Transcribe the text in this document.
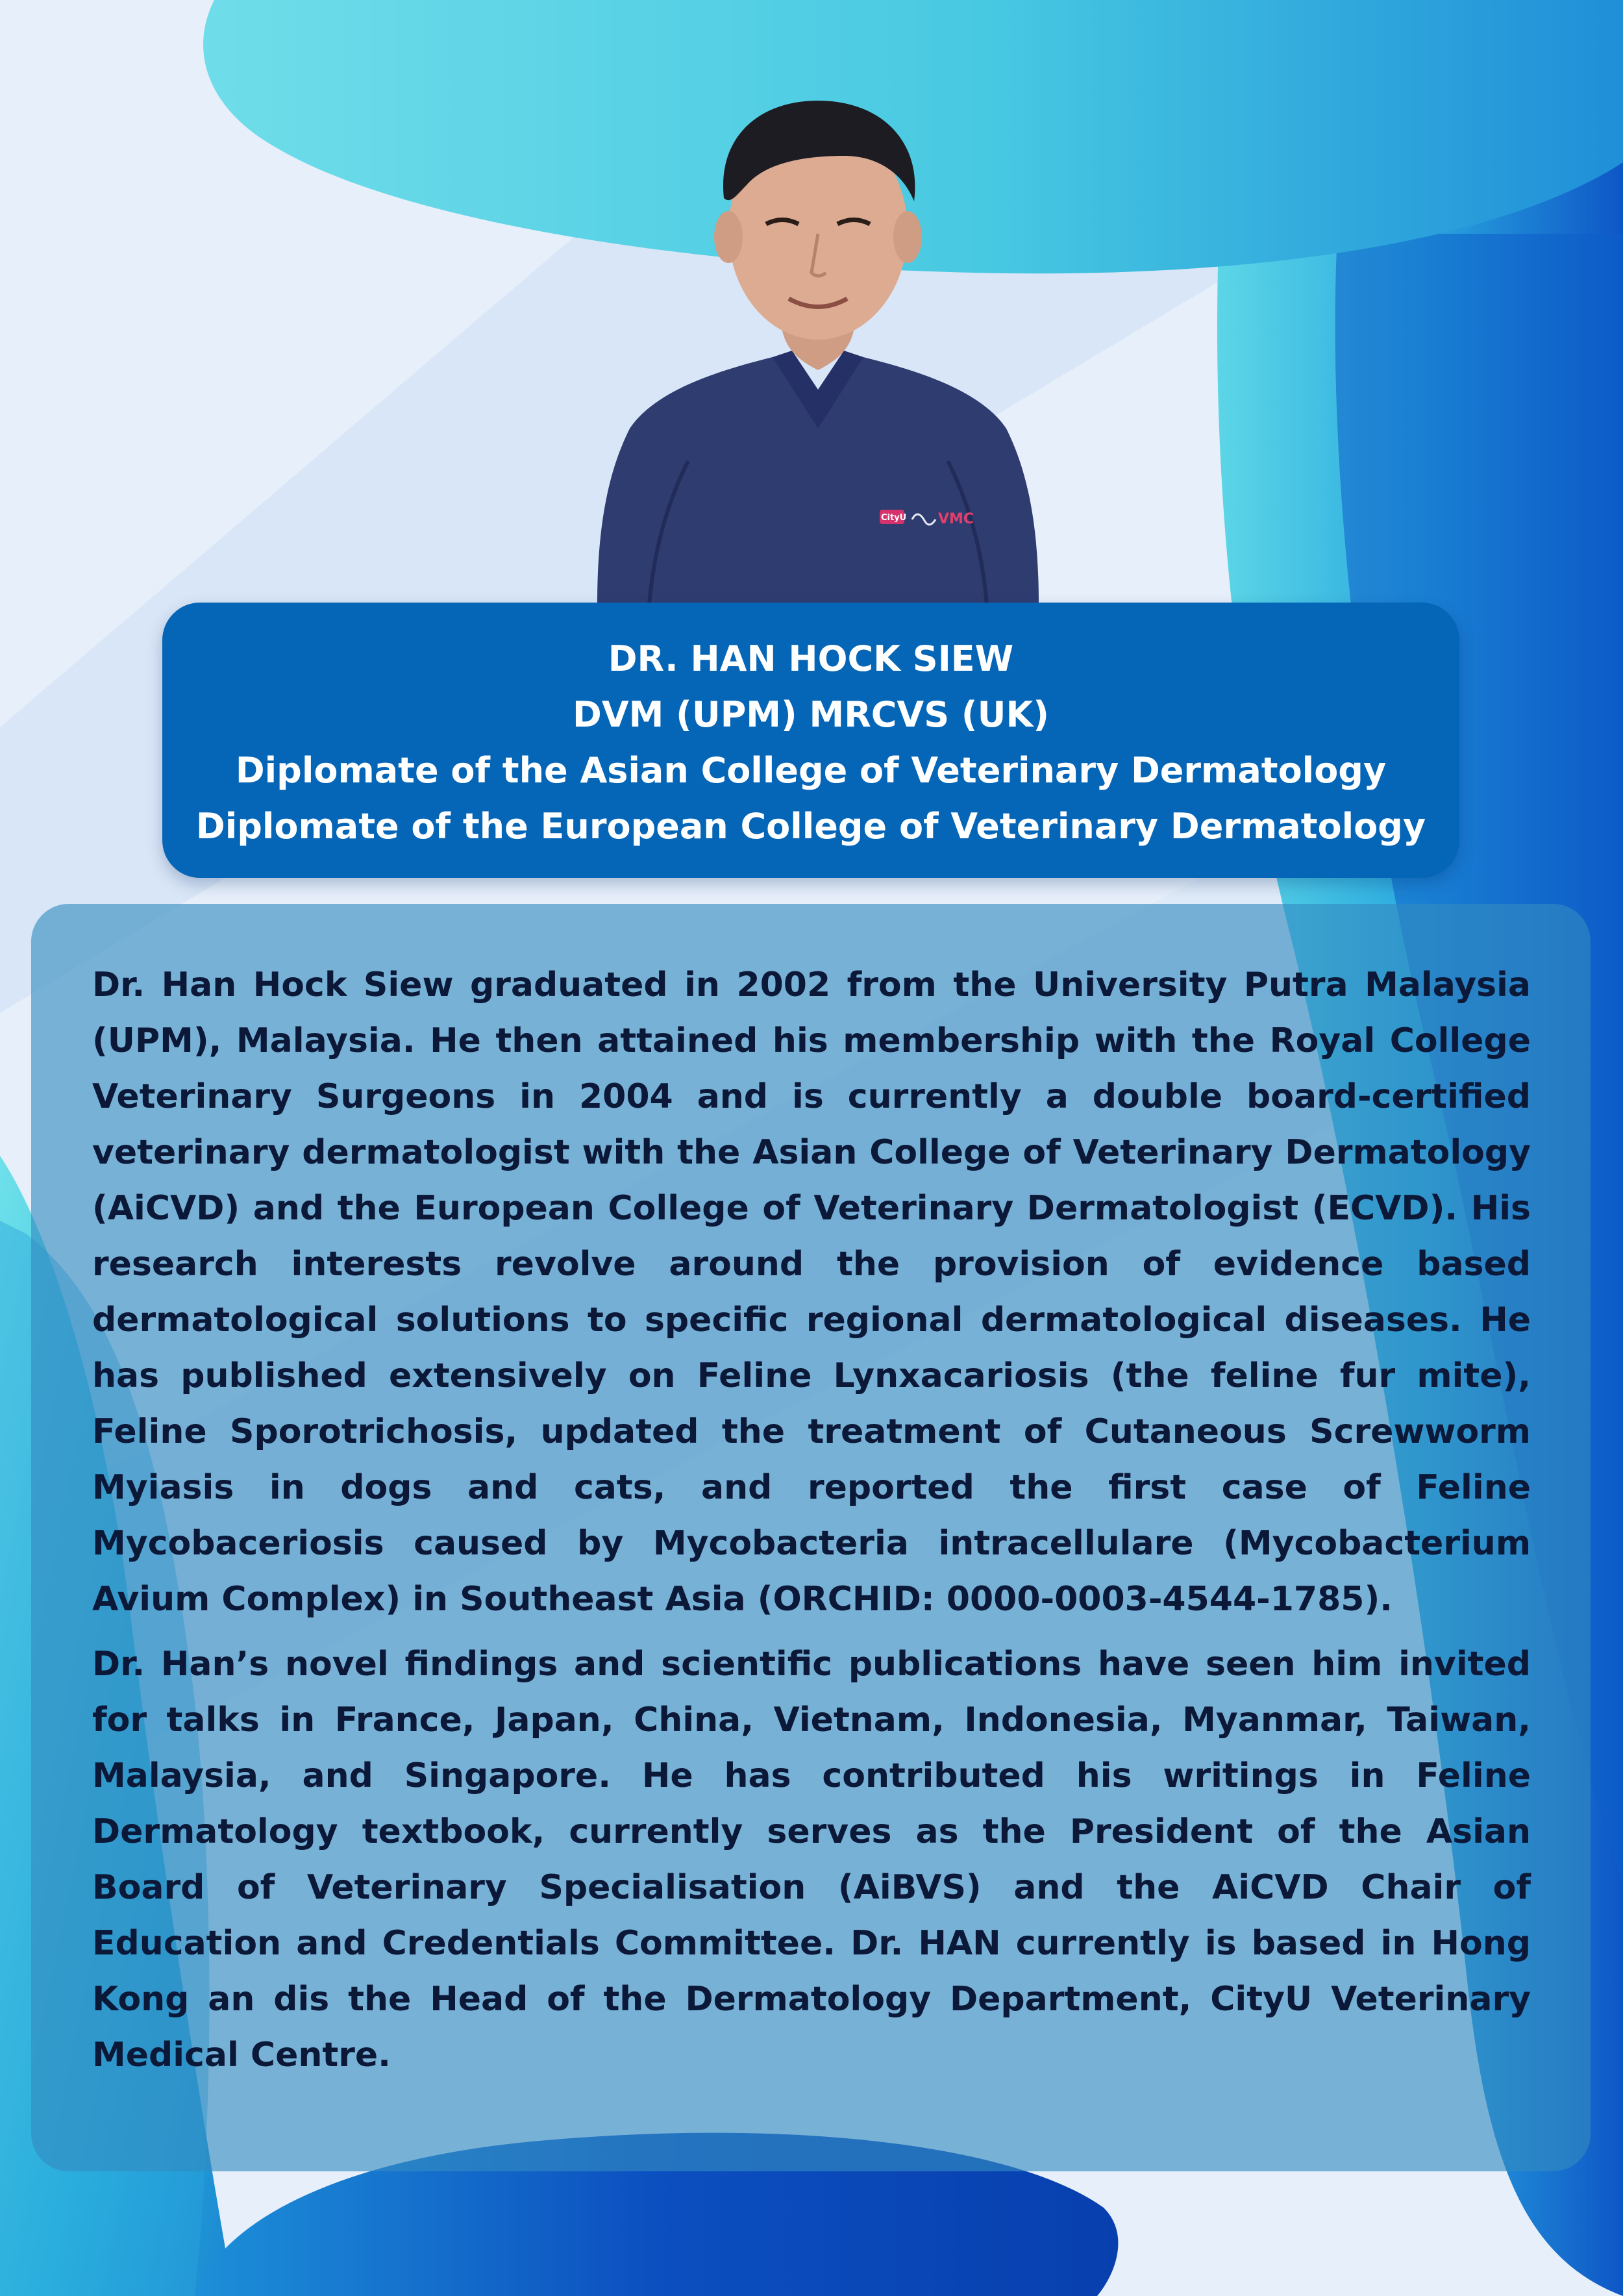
CityU VMC
DR. HAN HOCK SIEW
DVM (UPM) MRCVS (UK)
Diplomate of the Asian College of Veterinary Dermatology
Diplomate of the European College of Veterinary Dermatology

Dr. Han Hock Siew graduated in 2002 from the University Putra Malaysia (UPM), Malaysia. He then attained his membership with the Royal College Veterinary Surgeons in 2004 and is currently a double board-certified veterinary dermatologist with the Asian College of Veterinary Dermatology (AiCVD) and the European College of Veterinary Dermatologist (ECVD). His research interests revolve around the provision of evidence based dermatological solutions to specific regional dermatological diseases. He has published extensively on Feline Lynxacariosis (the feline fur mite), Feline Sporotrichosis, updated the treatment of Cutaneous Screwworm Myiasis in dogs and cats, and reported the first case of Feline Mycobaceriosis caused by Mycobacteria intracellulare (Mycobacterium Avium Complex) in Southeast Asia (ORCHID: 0000-0003-4544-1785).

Dr. Han’s novel findings and scientific publications have seen him invited for talks in France, Japan, China, Vietnam, Indonesia, Myanmar, Taiwan, Malaysia, and Singapore. He has contributed his writings in Feline Dermatology textbook, currently serves as the President of the Asian Board of Veterinary Specialisation (AiBVS) and the AiCVD Chair of Education and Credentials Committee. Dr. HAN currently is based in Hong Kong an dis the Head of the Dermatology Department, CityU Veterinary Medical Centre.
